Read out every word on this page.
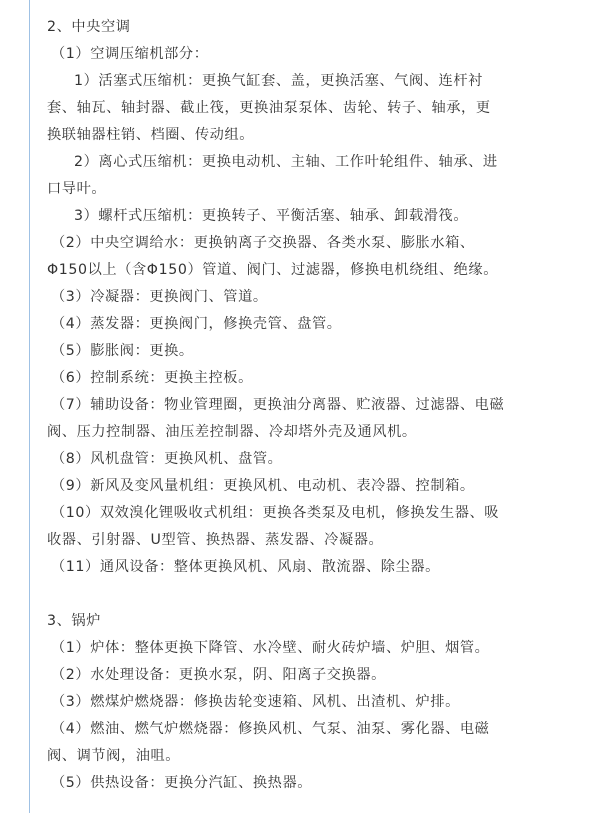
2、中央空调
（1）空调压缩机部分：
1）活塞式压缩机：更换气缸套、盖，更换活塞、气阀、连杆衬
套、轴瓦、轴封器、截止筏，更换油泵泵体、齿轮、转子、轴承，更
换联轴器柱销、档圈、传动组。
2）离心式压缩机：更换电动机、主轴、工作叶轮组件、轴承、进
口导叶。
3）螺杆式压缩机：更换转子、平衡活塞、轴承、卸载滑筏。
（2）中央空调给水：更换钠离子交换器、各类水泵、膨胀水箱、
Φ150以上（含Φ150）管道、阀门、过滤器，修换电机绕组、绝缘。
（3）冷凝器：更换阀门、管道。
（4）蒸发器：更换阀门，修换壳管、盘管。
（5）膨胀阀：更换。
（6）控制系统：更换主控板。
（7）辅助设备：物业管理圈，更换油分离器、贮液器、过滤器、电磁
阀、压力控制器、油压差控制器、冷却塔外壳及通风机。
（8）风机盘管：更换风机、盘管。
（9）新风及变风量机组：更换风机、电动机、表冷器、控制箱。
（10）双效溴化锂吸收式机组：更换各类泵及电机，修换发生器、吸
收器、引射器、U型管、换热器、蒸发器、冷凝器。
（11）通风设备：整体更换风机、风扇、散流器、除尘器。
3、锅炉
（1）炉体：整体更换下降管、水冷壁、耐火砖炉墙、炉胆、烟管。
（2）水处理设备：更换水泵，阴、阳离子交换器。
（3）燃煤炉燃烧器：修换齿轮变速箱、风机、出渣机、炉排。
（4）燃油、燃气炉燃烧器：修换风机、气泵、油泵、雾化器、电磁
阀、调节阀，油咀。
（5）供热设备：更换分汽缸、换热器。
